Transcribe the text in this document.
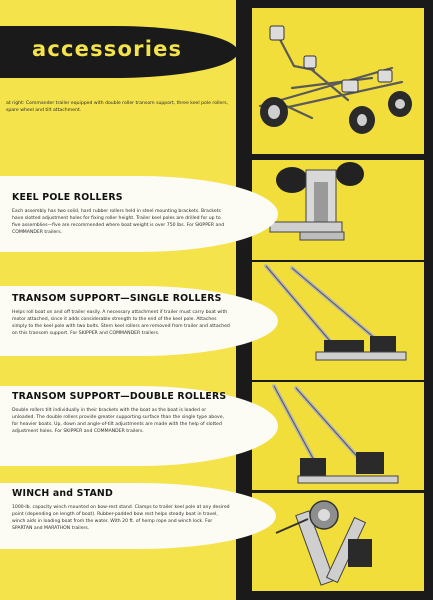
accessories

at right: Commander trailer equipped with double roller transom support, three keel pole rollers, spare wheel and tilt attachment.

KEEL POLE ROLLERS

Each assembly has two solid, hard rubber rollers held in steel mounting brackets. Brackets have slotted adjustment holes for fixing roller height. Trailer keel poles are drilled for up to five assemblies—five are recommended where boat weight is over 750 lbs. For SKIPPER and COMMANDER trailers.

TRANSOM SUPPORT—SINGLE ROLLERS

Helps roll boat on and off trailer easily. A necessary attachment if trailer must carry boat with motor attached, since it adds considerable strength to the end of the keel pole. Attaches simply to the keel pole with two bolts. Stern keel rollers are removed from trailer and attached on this transom support. For SKIPPER and COMMANDER trailers.

TRANSOM SUPPORT—DOUBLE ROLLERS

Double rollers tilt individually in their brackets with the boat as the boat is loaded or unloaded. The double rollers provide greater supporting surface than the single type above, for heavier boats. Up, down and angle-of-tilt adjustments are made with the help of slotted adjustment holes. For SKIPPER and COMMANDER trailers.

WINCH and STAND

1000-lb. capacity winch mounted on bow-rest stand. Clamps to trailer keel pole at any desired point (depending on length of boat). Rubber-padded bow rest helps steady boat in travel, winch aids in loading boat from the water. With 20 ft. of hemp rope and winch lock. For SPARTAN and MARATHON trailers.
